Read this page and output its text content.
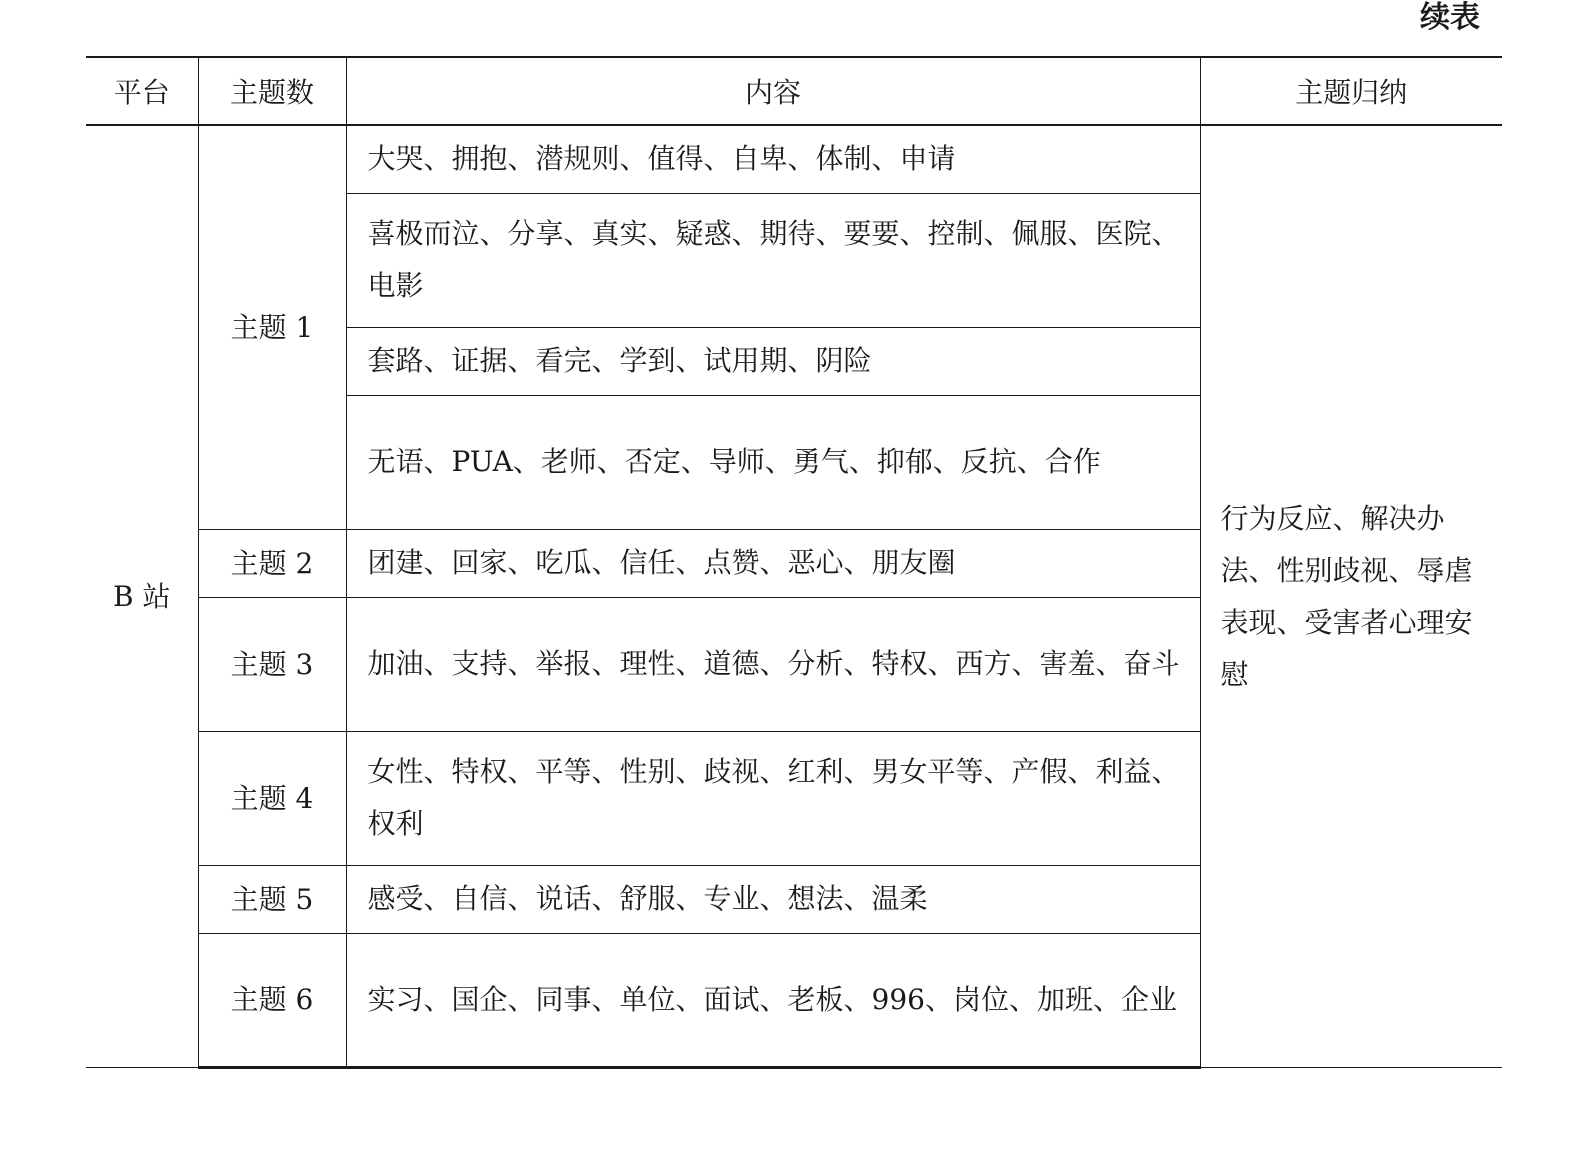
续表
平台	主题数	内容	主题归纳
B 站	主题 1	大哭、拥抱、潜规则、值得、自卑、体制、申请	行为反应、解决办法、性别歧视、辱虐表现、受害者心理安慰
		喜极而泣、分享、真实、疑惑、期待、要要、控制、佩服、医院、电影	
		套路、证据、看完、学到、试用期、阴险	
		无语、PUA、老师、否定、导师、勇气、抑郁、反抗、合作	
	主题 2	团建、回家、吃瓜、信任、点赞、恶心、朋友圈	
	主题 3	加油、支持、举报、理性、道德、分析、特权、西方、害羞、奋斗	
	主题 4	女性、特权、平等、性别、歧视、红利、男女平等、产假、利益、权利	
	主题 5	感受、自信、说话、舒服、专业、想法、温柔	
	主题 6	实习、国企、同事、单位、面试、老板、996、岗位、加班、企业	
